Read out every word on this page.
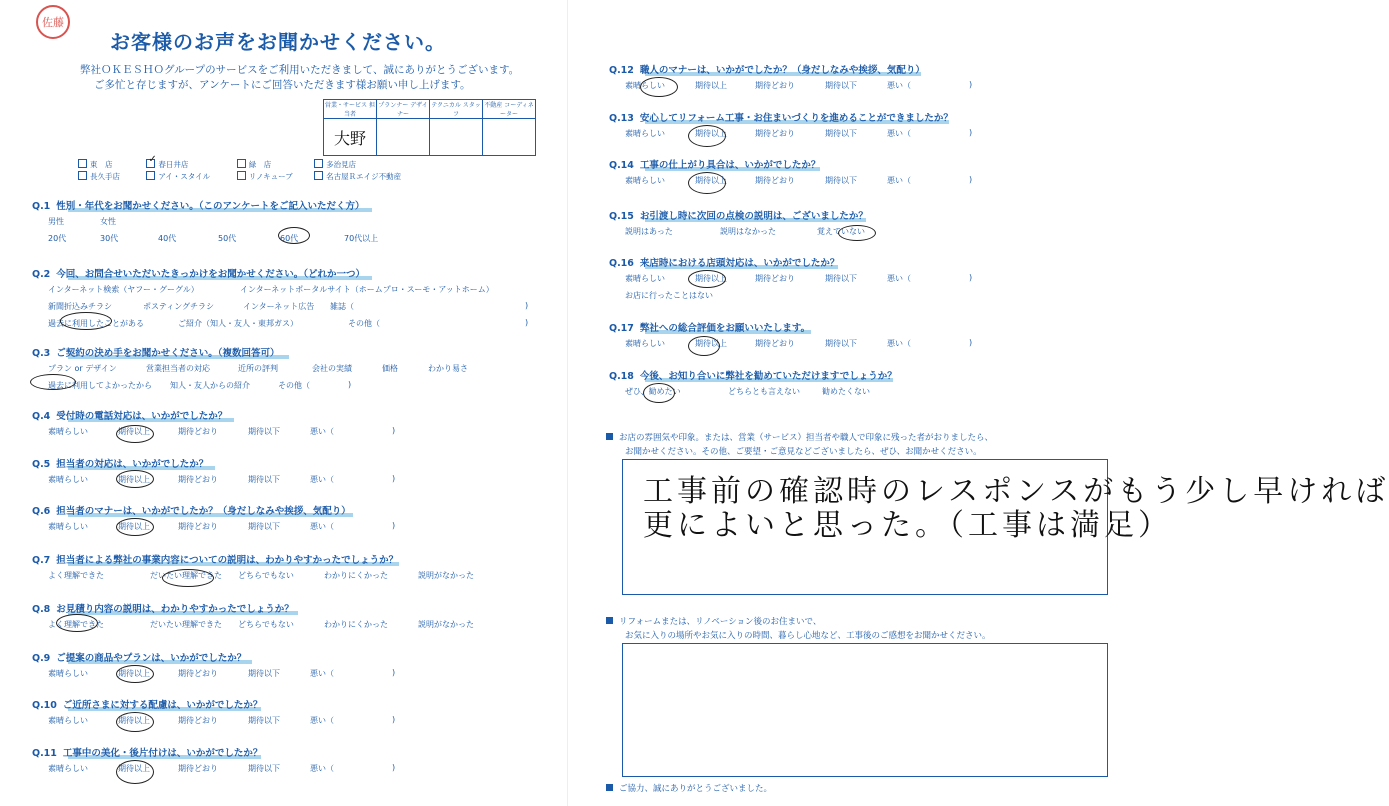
佐藤
お客様のお声をお聞かせください。
弊社ＯＫＥＳＨＯグループのサービスをご利用いただきまして、誠にありがとうございます。
ご多忙と存じますが、アンケートにご回答いただきます様お願い申し上げます。
営業・サービス 担当者	プランナー デザイナー	テクニカル スタッフ	不動産 コーディネーター
大野			
東　店	✓ 春日井店	緑　店	多治見店
長久手店	アイ・スタイル	リノキューブ	名古屋Ｒエイジ不動産
Q.1 性別・年代をお聞かせください。（このアンケートをご記入いただく方）
男性	女性
20代	30代	40代	50代	60代	70代以上
Q.2 今回、お問合せいただいたきっかけをお聞かせください。（どれか一つ）
インターネット検索（ヤフー・グーグル）	インターネットポータルサイト（ホームプロ・スーモ・アットホーム）
新聞折込みチラシ	ポスティングチラシ	インターネット広告 雑誌（	)
過去に利用したことがある	ご紹介（知人・友人・東邦ガス）	その他（	)
Q.3 ご契約の決め手をお聞かせください。（複数回答可）
プラン or デザイン	営業担当者の対応	近所の評判	会社の実績	価格	わかり易さ
過去に利用してよかったから 知人・友人からの紹介	その他（	)
Q.4 受付時の電話対応は、いかがでしたか？
素晴らしい	期待以上	期待どおり	期待以下	悪い（	)
Q.5 担当者の対応は、いかがでしたか？
素晴らしい	期待以上	期待どおり	期待以下	悪い（	)
Q.6 担当者のマナーは、いかがでしたか？（身だしなみや挨拶、気配り）
素晴らしい	期待以上	期待どおり	期待以下	悪い（	)
Q.7 担当者による弊社の事業内容についての説明は、わかりやすかったでしょうか？
よく理解できた	だいたい理解できた どちらでもない	わかりにくかった	説明がなかった
Q.8 お見積り内容の説明は、わかりやすかったでしょうか？
よく理解できた	だいたい理解できた どちらでもない	わかりにくかった	説明がなかった
Q.9 ご提案の商品やプランは、いかがでしたか？
素晴らしい	期待以上	期待どおり	期待以下	悪い（	)
Q.10 ご近所さまに対する配慮は、いかがでしたか？
素晴らしい	期待以上	期待どおり	期待以下	悪い（	)
Q.11 工事中の美化・後片付けは、いかがでしたか？
素晴らしい	期待以上	期待どおり	期待以下	悪い（	)
Q.12 職人のマナーは、いかがでしたか？（身だしなみや挨拶、気配り）
素晴らしい	期待以上	期待どおり	期待以下	悪い（	)
Q.13 安心してリフォーム工事・お住まいづくりを進めることができましたか？
素晴らしい	期待以上	期待どおり	期待以下	悪い（	)
Q.14 工事の仕上がり具合は、いかがでしたか？
素晴らしい	期待以上	期待どおり	期待以下	悪い（	)
Q.15 お引渡し時に次回の点検の説明は、ございましたか？
説明はあった	説明はなかった	覚えていない
Q.16 来店時における店頭対応は、いかがでしたか？
素晴らしい	期待以上	期待どおり	期待以下	悪い（	)
お店に行ったことはない
Q.17 弊社への総合評価をお願いいたします。
素晴らしい	期待以上	期待どおり	期待以下	悪い（	)
Q.18 今後、お知り合いに弊社を勧めていただけますでしょうか？
ぜひ、勧めたい	どちらとも言えない	勧めたくない
お店の雰囲気や印象。または、営業（サービス）担当者や職人で印象に残った者がおりましたら、
お聞かせください。その他、ご要望・ご意見などございましたら、ぜひ、お聞かせください。
工事前の確認時のレスポンスがもう少し早ければ
更によいと思った。（工事は満足）
リフォームまたは、リノベーション後のお住まいで、
お気に入りの場所やお気に入りの時間、暮らし心地など、工事後のご感想をお聞かせください。
ご協力、誠にありがとうございました。
